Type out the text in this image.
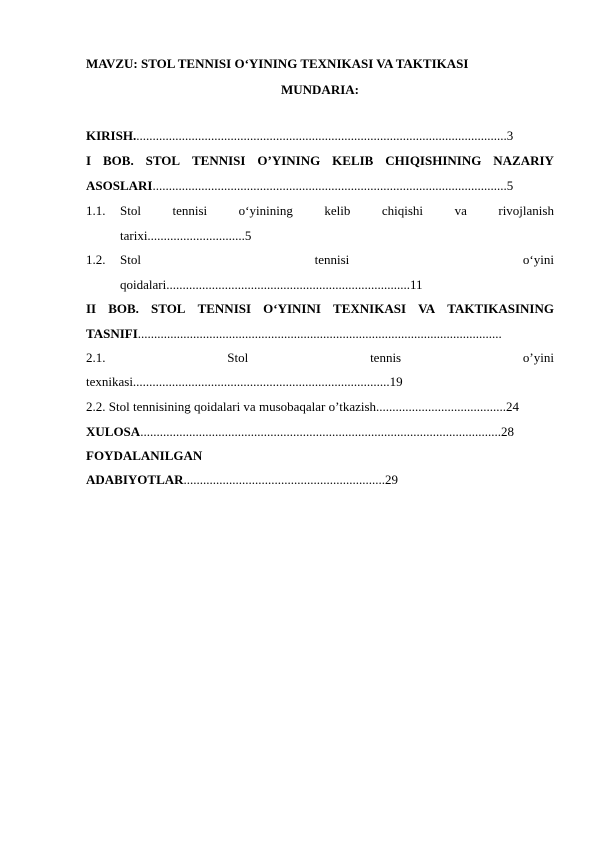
MAVZU: STOL TENNISI O‘YINING TEXNIKASI VA TAKTIKASI
MUNDARIA:
KIRISH...................................................................................................................3
I BOB. STOL TENNISI O’YINING KELIB CHIQISHINING NAZARIY
ASOSLARI.............................................................................................................5
1.1. Stol tennisi o‘yinining kelib chiqishi va rivojlanish
tarixi..............................5
1.2. Stol	tennisi	o‘yini
qoidalari...........................................................................11
II BOB. STOL TENNISI O‘YININI TEXNIKASI VA TAKTIKASINING
TASNIFI................................................................................................................
2.1.	Stol	tennis	o’yini
texnikasi...............................................................................19
2.2. Stol tennisining qoidalari va musobaqalar o’tkazish........................................24
XULOSA...............................................................................................................28
FOYDALANILGAN
ADABIYOTLAR..............................................................29
